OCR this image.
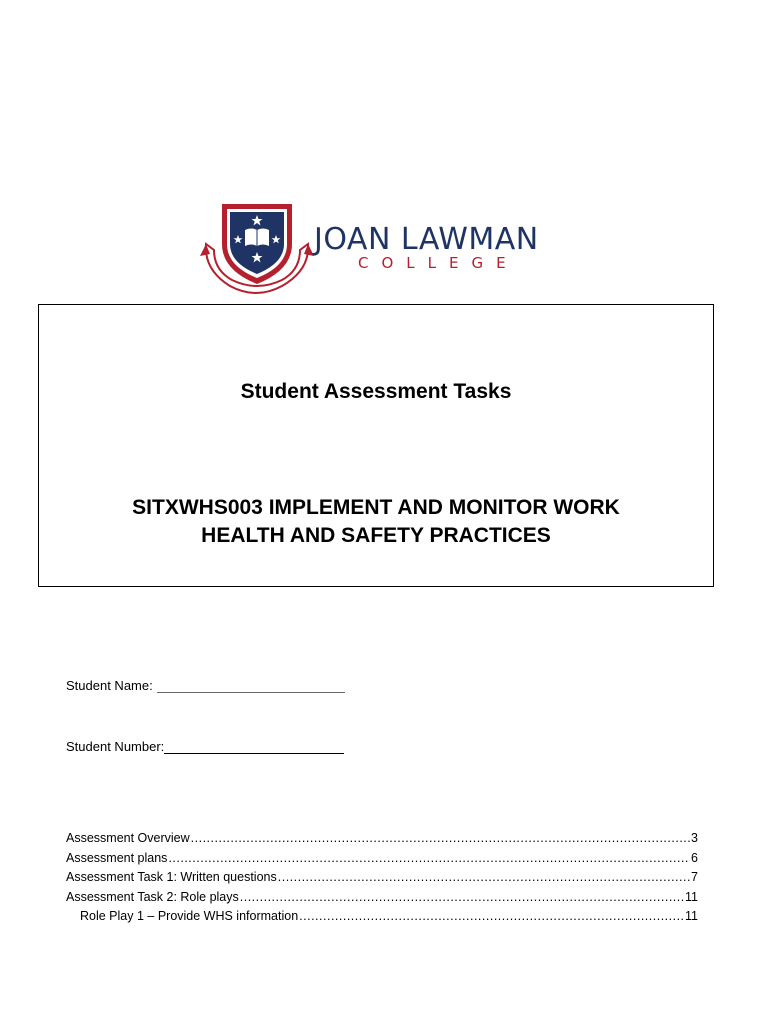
JOAN LAWMAN
COLLEGE
Student Assessment Tasks
SITXWHS003 IMPLEMENT AND MONITOR WORK
HEALTH AND SAFETY PRACTICES
Student Name:
Student Number:
Assessment Overview .....	3
Assessment plans .....	6
Assessment Task 1: Written questions .....	7
Assessment Task 2: Role plays .....	11
Role Play 1 – Provide WHS information .....	11
